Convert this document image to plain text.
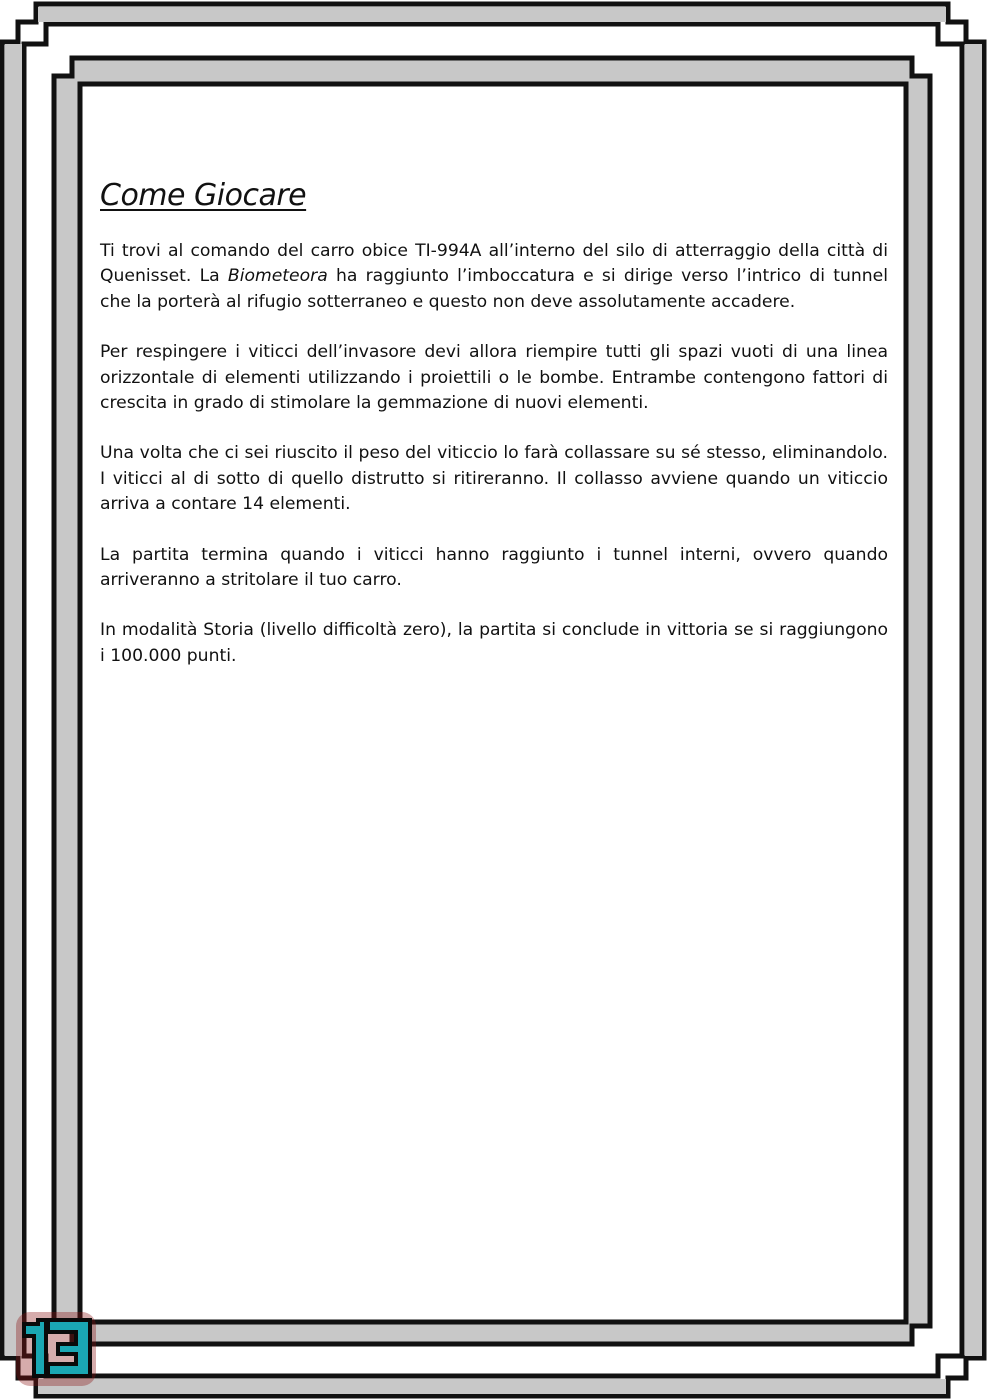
Come Giocare

Ti trovi al comando del carro obice TI-994A all’interno del silo di atterraggio della città di Quenisset. La Biometeora ha raggiunto l’imboccatura e si dirige verso l’intrico di tunnel che la porterà al rifugio sotterraneo e questo non deve assolutamente accadere.

Per respingere i viticci dell’invasore devi allora riempire tutti gli spazi vuoti di una linea orizzontale di elementi utilizzando i proiettili o le bombe. Entrambe contengono fattori di crescita in grado di stimolare la gemmazione di nuovi elementi.

Una volta che ci sei riuscito il peso del viticcio lo farà collassare su sé stesso, eliminandolo. I viticci al di sotto di quello distrutto si ritireranno. Il collasso avviene quando un viticcio arriva a contare 14 elementi.

La partita termina quando i viticci hanno raggiunto i tunnel interni, ovvero quando arriveranno a stritolare il tuo carro.

In modalità Storia (livello difficoltà zero), la partita si conclude in vittoria se si raggiungono i 100.000 punti.
